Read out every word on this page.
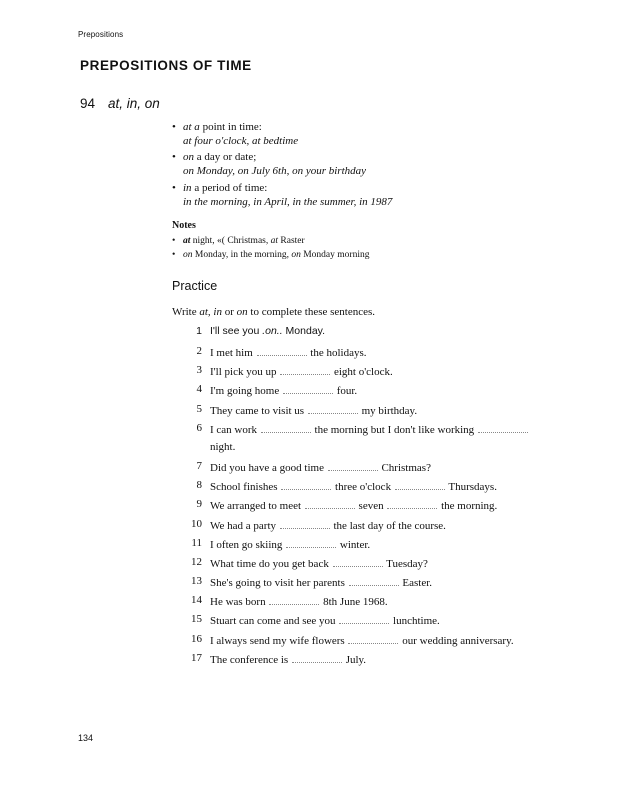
Prepositions
PREPOSITIONS OF TIME
94 at, in, on
• at a point in time:
at four o'clock, at bedtime
• on a day or date;
on Monday, on July 6th, on your birthday
• in a period of time:
in the morning, in April, in the summer, in 1987
Notes
• at night, «( Christmas, at Raster
• on Monday, in the morning, on Monday morning
Practice
Write at, in or on to complete these sentences.
1 I'll see you .on.. Monday.
2 I met him	the holidays.
3 I'll pick you up	eight o'clock.
4 I'm going home	four.
5 They came to visit us	my birthday.
6 I can work	the morning but I don't like working
night.
7 Did you have a good time	Christmas?
8 School finishes	three o'clock	Thursdays.
9 We arranged to meet	seven	the morning.
10 We had a party	the last day of the course.
11 I often go skiing	winter.
12 What time do you get back	Tuesday?
13 She's going to visit her parents	Easter.
14 He was born	8th June 1968.
15 Stuart can come and see you	lunchtime.
16 I always send my wife flowers	our wedding anniversary.
17 The conference is	July.
134
